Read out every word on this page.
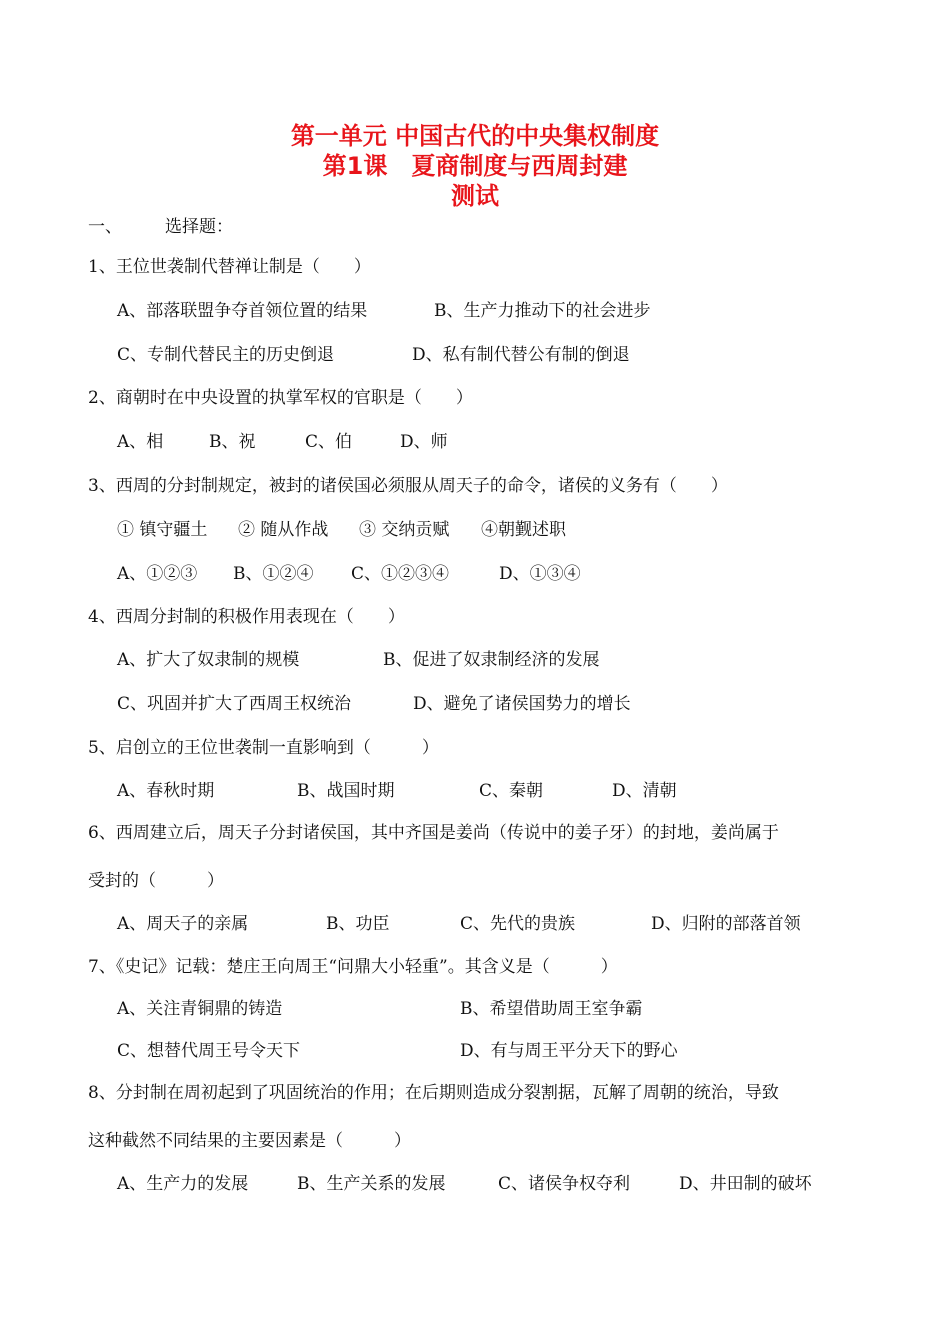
第一单元 中国古代的中央集权制度
第1课　夏商制度与西周封建
测试
一、	选择题：
1、王位世袭制代替禅让制是（　　）
A、部落联盟争夺首领位置的结果	B、生产力推动下的社会进步
C、专制代替民主的历史倒退	D、私有制代替公有制的倒退
2、商朝时在中央设置的执掌军权的官职是（　　）
A、相	B、祝	C、伯	D、师
3、西周的分封制规定，被封的诸侯国必须服从周天子的命令，诸侯的义务有（　　）
① 镇守疆土 ② 随从作战 ③ 交纳贡赋 ④朝觐述职
A、①②③ B、①②④ C、①②③④	D、①③④
4、西周分封制的积极作用表现在（　　）
A、扩大了奴隶制的规模	B、促进了奴隶制经济的发展
C、巩固并扩大了西周王权统治	D、避免了诸侯国势力的增长
5、启创立的王位世袭制一直影响到（　　　）
A、春秋时期	B、战国时期	C、秦朝	D、清朝
6、西周建立后，周天子分封诸侯国，其中齐国是姜尚（传说中的姜子牙）的封地，姜尚属于
受封的（　　　）
A、周天子的亲属	B、功臣	C、先代的贵族	D、归附的部落首领
7、《史记》记载：楚庄王向周王“问鼎大小轻重”。其含义是（　　　）
A、关注青铜鼎的铸造	B、希望借助周王室争霸
C、想替代周王号令天下	D、有与周王平分天下的野心
8、分封制在周初起到了巩固统治的作用；在后期则造成分裂割据，瓦解了周朝的统治，导致
这种截然不同结果的主要因素是（　　　）
A、生产力的发展	B、生产关系的发展	C、诸侯争权夺利	D、井田制的破坏
